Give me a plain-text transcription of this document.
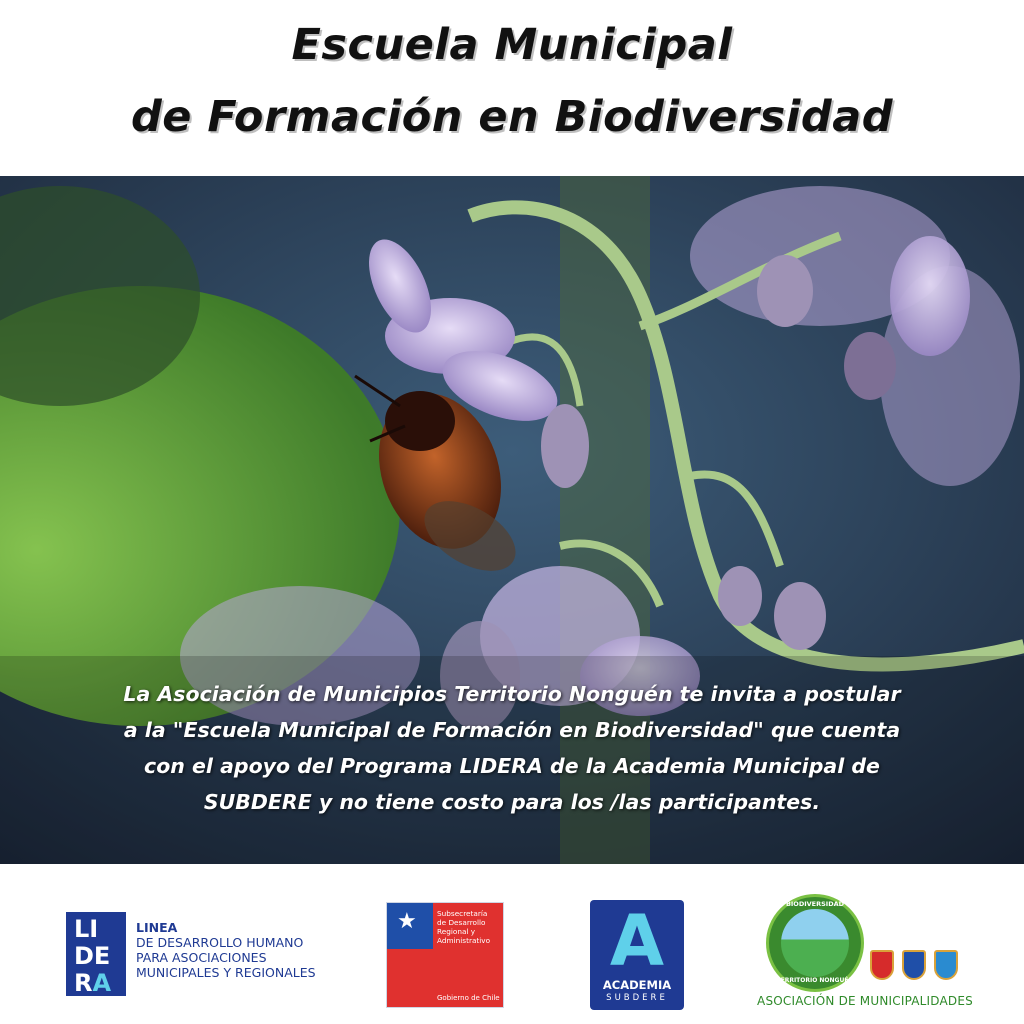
Escuela Municipal
de Formación en Biodiversidad
La Asociación de Municipios Territorio Nonguén te invita a postular
a la "Escuela Municipal de Formación en Biodiversidad" que cuenta
con el apoyo del Programa LIDERA de la Academia Municipal de
SUBDERE y no tiene costo para los /las participantes.
LI
DE
RA
LINEA
DE DESARROLLO HUMANO
PARA ASOCIACIONES
MUNICIPALES Y REGIONALES
★	Subsecretaría
de Desarrollo
Regional y
Administrativo
Gobierno de Chile
A
ACADEMIA
SUBDERE
BIODIVERSIDAD
TERRITORIO NONGUÉN
ASOCIACIÓN DE MUNICIPALIDADES
